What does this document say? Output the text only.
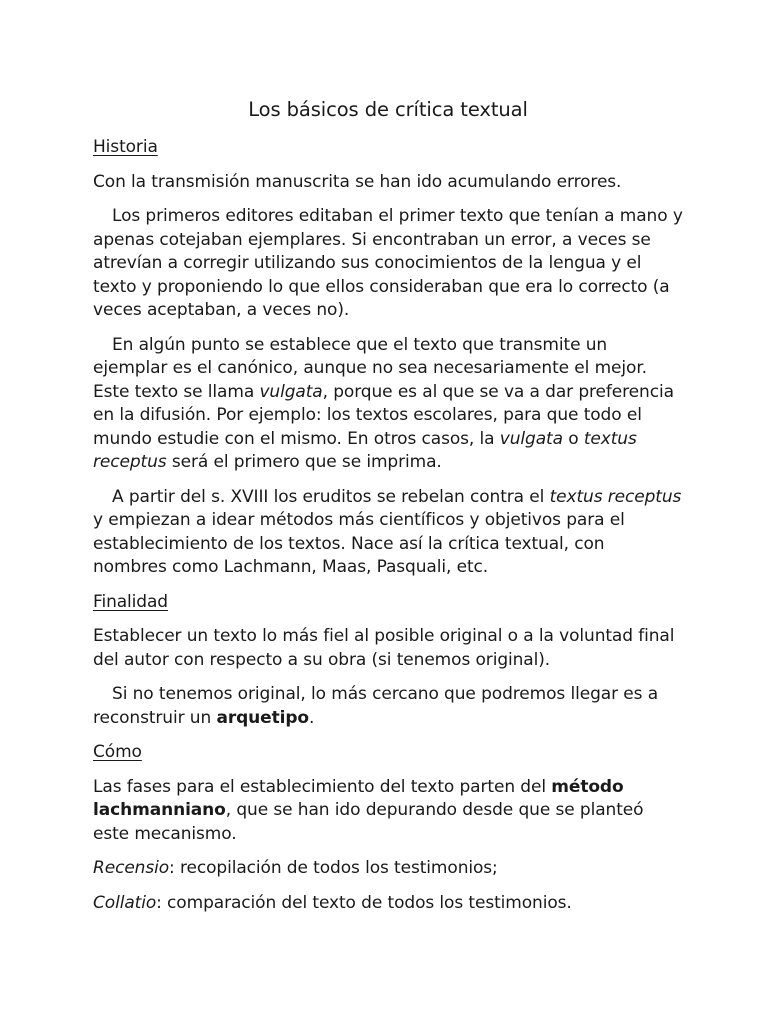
Los básicos de crítica textual
Historia

Con la transmisión manuscrita se han ido acumulando errores.

Los primeros editores editaban el primer texto que tenían a mano y apenas cotejaban ejemplares. Si encontraban un error, a veces se atrevían a corregir utilizando sus conocimientos de la lengua y el texto y proponiendo lo que ellos consideraban que era lo correcto (a veces aceptaban, a veces no).

En algún punto se establece que el texto que transmite un ejemplar es el canónico, aunque no sea necesariamente el mejor. Este texto se llama vulgata, porque es al que se va a dar preferencia en la difusión. Por ejemplo: los textos escolares, para que todo el mundo estudie con el mismo. En otros casos, la vulgata o textus receptus será el primero que se imprima.

A partir del s. XVIII los eruditos se rebelan contra el textus receptus y empiezan a idear métodos más científicos y objetivos para el establecimiento de los textos. Nace así la crítica textual, con nombres como Lachmann, Maas, Pasquali, etc.

Finalidad

Establecer un texto lo más fiel al posible original o a la voluntad final del autor con respecto a su obra (si tenemos original).

Si no tenemos original, lo más cercano que podremos llegar es a reconstruir un arquetipo.

Cómo

Las fases para el establecimiento del texto parten del método lachmanniano, que se han ido depurando desde que se planteó este mecanismo.

Recensio: recopilación de todos los testimonios;

Collatio: comparación del texto de todos los testimonios.
